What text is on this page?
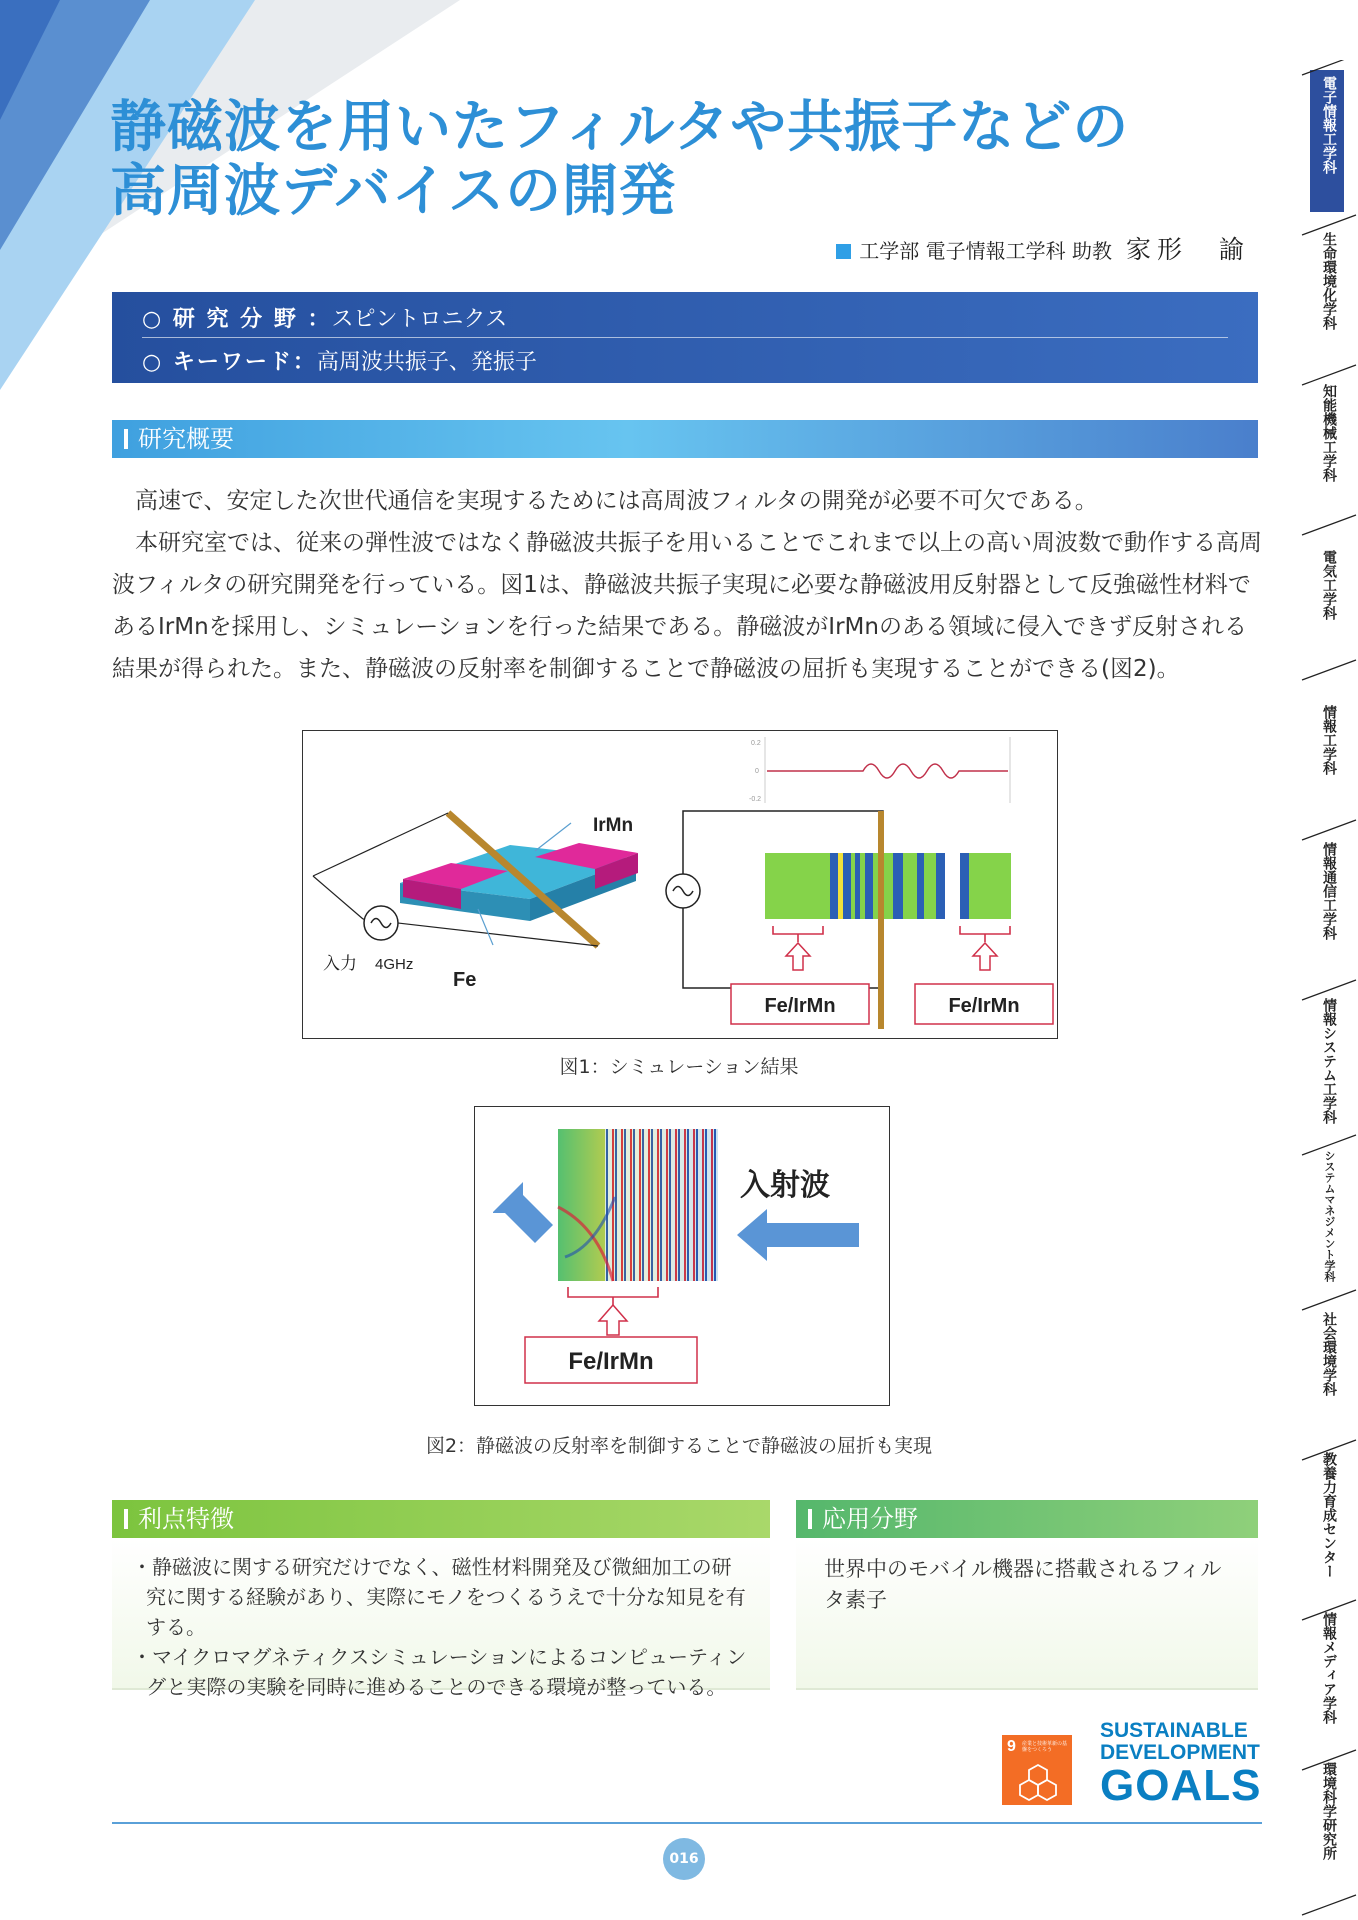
静磁波を用いたフィルタや共振子などの
高周波デバイスの開発
工学部 電子情報工学科 助教 家形　諭
○ 研 究 分 野 ：スピントロニクス
○ キーワード：高周波共振子、発振子
研究概要

高速で、安定した次世代通信を実現するためには高周波フィルタの開発が必要不可欠である。

本研究室では、従来の弾性波ではなく静磁波共振子を用いることでこれまで以上の高い周波数で動作する高周波フィルタの研究開発を行っている。図1は、静磁波共振子実現に必要な静磁波用反射器として反強磁性材料であるIrMnを採用し、シミュレーションを行った結果である。静磁波がIrMnのある領域に侵入できず反射される結果が得られた。また、静磁波の反射率を制御することで静磁波の屈折も実現することができる(図2)。

IrMn
入力 4GHz
Fe
0.2
0
-0.2
Fe/IrMn	Fe/IrMn
図1：シミュレーション結果
入射波
Fe/IrMn
図2：静磁波の反射率を制御することで静磁波の屈折も実現
利点特徴
・静磁波に関する研究だけでなく、磁性材料開発及び微細加工の研究に関する経験があり、実際にモノをつくるうえで十分な知見を有する。
・マイクロマグネティクスシミュレーションによるコンピューティングと実際の実験を同時に進めることのできる環境が整っている。
応用分野
世界中のモバイル機器に搭載されるフィルタ素子
9 産業と技術革新の基盤をつくろう
SUSTAINABLE
DEVELOPMENT
GOALS
016
電子情報工学科
生命環境化学科
知能機械工学科
電気工学科
情報工学科
情報通信工学科
情報システム工学科
システムマネジメント学科
社会環境学科
教養力育成センター
情報メディア学科
環境科学研究所
